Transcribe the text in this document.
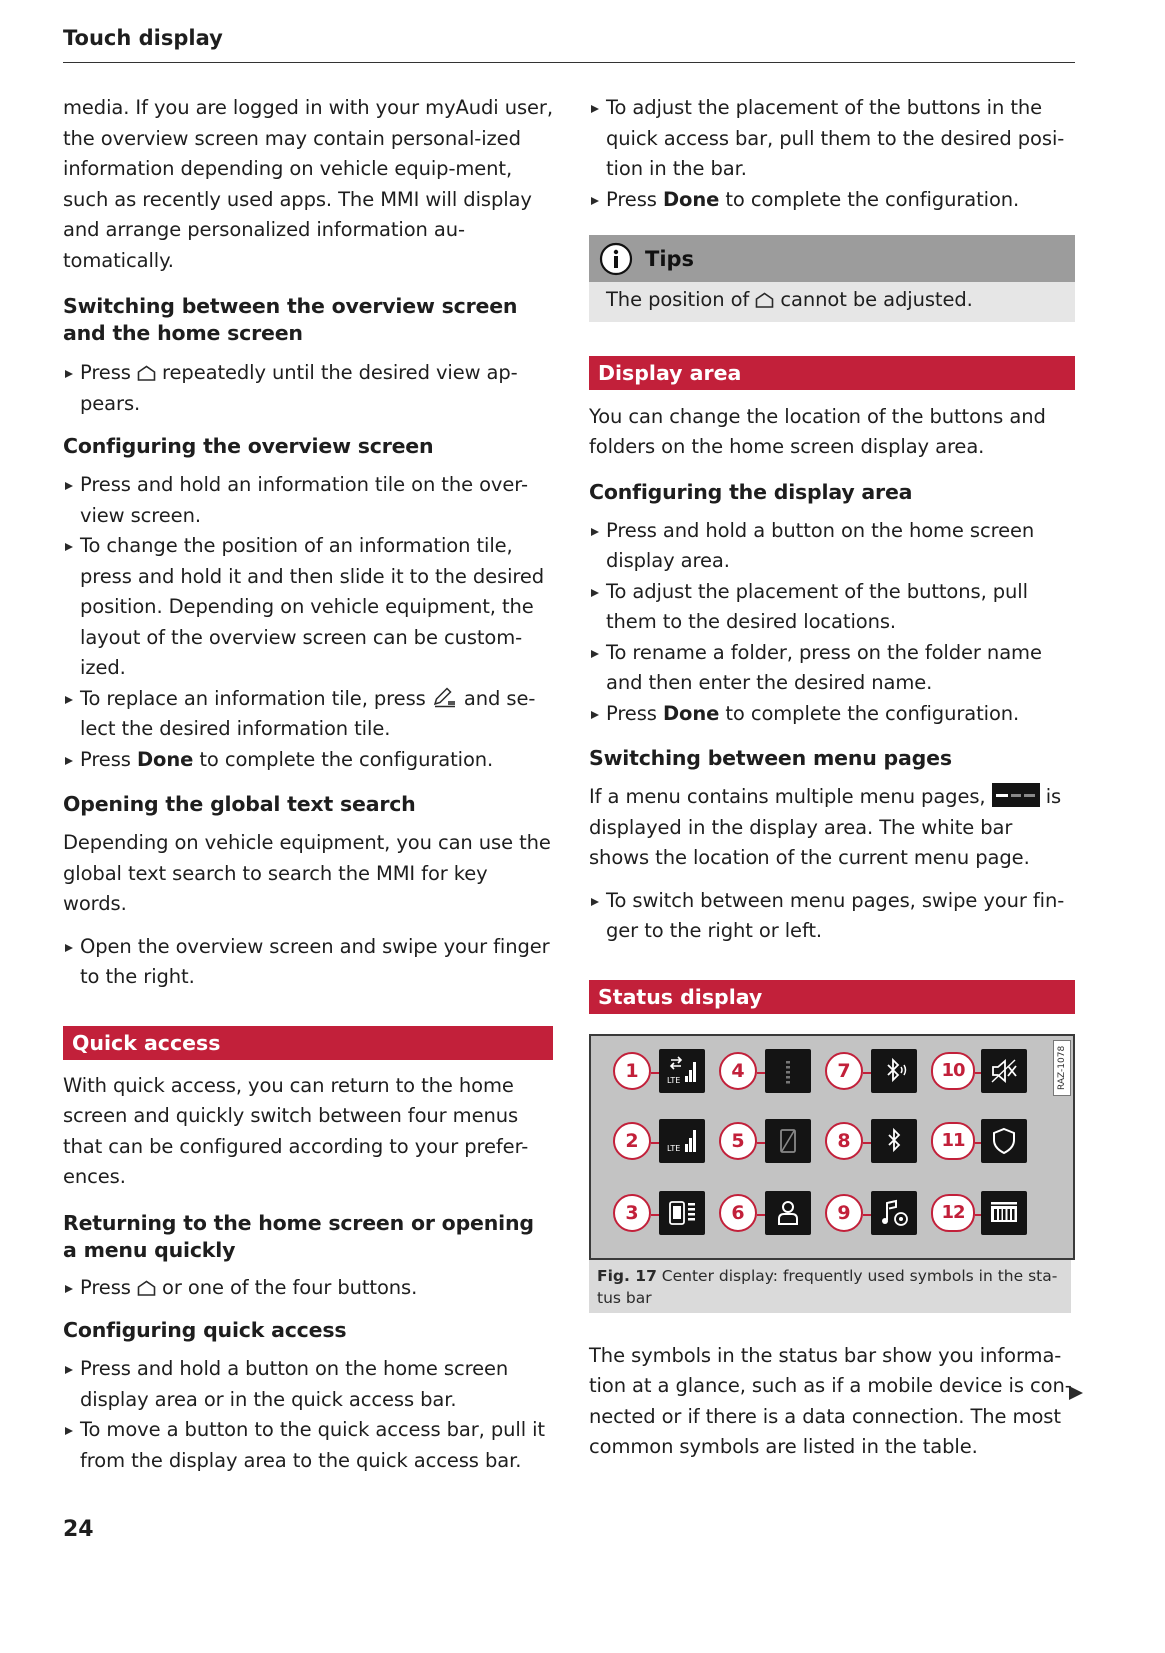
Touch display

media. If you are logged in with your myAudi user, the overview screen may contain personal-ized information depending on vehicle equip-ment, such as recently used apps. The MMI will display and arrange personalized information au-tomatically.

Switching between the overview screen and the home screen

Press repeatedly until the desired view ap-pears.

Configuring the overview screen

Press and hold an information tile on the over-view screen.

To change the position of an information tile, press and hold it and then slide it to the desired position. Depending on vehicle equipment, the layout of the overview screen can be custom-ized.

To replace an information tile, press and se-lect the desired information tile.

Press Done to complete the configuration.

Opening the global text search

Depending on vehicle equipment, you can use the global text search to search the MMI for key words.

Open the overview screen and swipe your finger to the right.

Quick access

With quick access, you can return to the home screen and quickly switch between four menus that can be configured according to your prefer-ences.

Returning to the home screen or opening a menu quickly

Press or one of the four buttons.

Configuring quick access

Press and hold a button on the home screen display area or in the quick access bar.

To move a button to the quick access bar, pull it from the display area to the quick access bar.

To adjust the placement of the buttons in the quick access bar, pull them to the desired posi-tion in the bar.

Press Done to complete the configuration.

Tips

The position of cannot be adjusted.

Display area

You can change the location of the buttons and folders on the home screen display area.

Configuring the display area

Press and hold a button on the home screen display area.

To adjust the placement of the buttons, pull them to the desired locations.

To rename a folder, press on the folder name and then enter the desired name.

Press Done to complete the configuration.

Switching between menu pages

If a menu contains multiple menu pages,	is displayed in the display area. The white bar shows the location of the current menu page.

To switch between menu pages, swipe your fin-ger to the right or left.

Status display
RAZ-1078
1	LTE
2	LTE
3
4
5
6
7
8
9
10
11
12
Fig. 17 Center display: frequently used symbols in the sta-tus bar

The symbols in the status bar show you informa-tion at a glance, such as if a mobile device is con-nected or if there is a data connection. The most common symbols are listed in the table.

24
